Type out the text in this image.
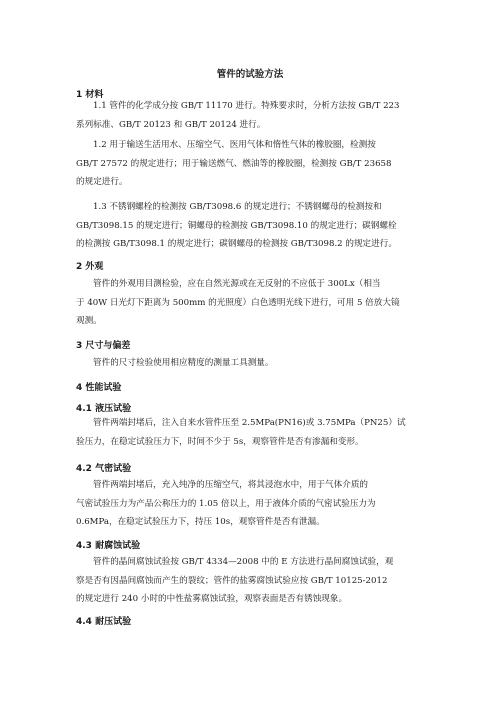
管件的试验方法
1 材料
1.1 管件的化学成分按 GB/T 11170 进行。特殊要求时，分析方法按 GB/T 223
系列标准、GB/T 20123 和 GB/T 20124 进行。
1.2 用于输送生活用水、压缩空气、医用气体和惰性气体的橡胶圈，检测按
GB/T 27572 的规定进行；用于输送燃气、燃油等的橡胶圈，检测按 GB/T 23658
的规定进行。
1.3 不锈钢螺栓的检测按 GB/T3098.6 的规定进行；不锈钢螺母的检测按和
GB/T3098.15 的规定进行；铜螺母的检测按 GB/T3098.10 的规定进行；碳钢螺栓
的检测按 GB/T3098.1 的规定进行；碳钢螺母的检测按 GB/T3098.2 的规定进行。
2 外观
管件的外观用目测检验，应在自然光源或在无反射的不应低于 300Lx（相当
于 40W 日光灯下距离为 500mm 的光照度）白色透明光线下进行，可用 5 倍放大镜
观测。
3 尺寸与偏差
管件的尺寸检验使用相应精度的测量工具测量。
4 性能试验
4.1 液压试验
管件两端封堵后，注入自来水管件压至 2.5MPa(PN16)或 3.75MPa（PN25）试
验压力，在稳定试验压力下，时间不少于 5s，观察管件是否有渗漏和变形。
4.2 气密试验
管件两端封堵后，充入纯净的压缩空气，将其浸泡水中，用于气体介质的
气密试验压力为产品公称压力的 1.05 倍以上，用于液体介质的气密试验压力为
0.6MPa，在稳定试验压力下，持压 10s，观察管件是否有泄漏。
4.3 耐腐蚀试验
管件的晶间腐蚀试验按 GB/T 4334—2008 中的 E 方法进行晶间腐蚀试验，观
察是否有因晶间腐蚀而产生的裂纹；管件的盐雾腐蚀试验应按 GB/T 10125-2012
的规定进行 240 小时的中性盐雾腐蚀试验，观察表面是否有锈蚀现象。
4.4 耐压试验
